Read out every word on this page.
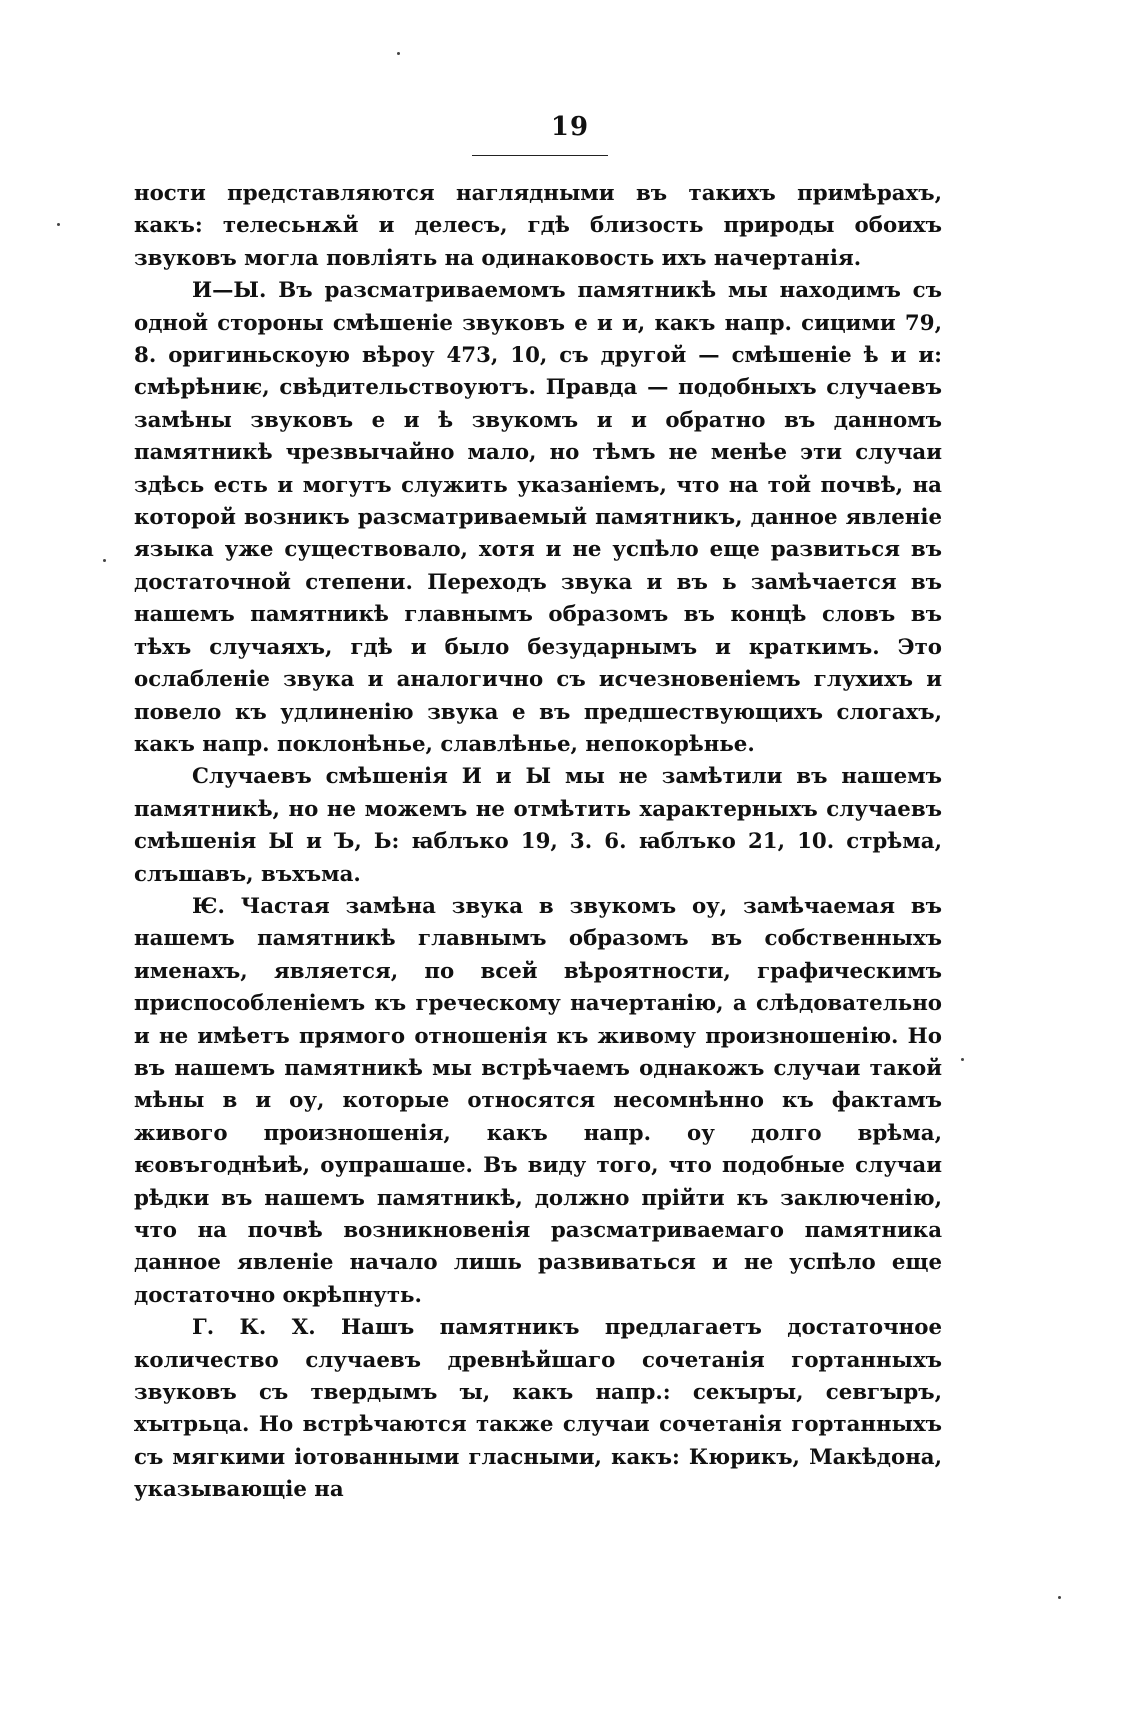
19

ности представляются наглядными въ такихъ примѣрахъ, какъ: телесьнѫй и делесъ, гдѣ близость природы обоихъ звуковъ могла повліять на одинаковость ихъ начертанія.

И—Ы. Въ разсматриваемомъ памятникѣ мы находимъ съ одной стороны смѣшеніе звуковъ е и и, какъ напр. сицими 79, 8. оригиньскоую вѣроу 473, 10, съ другой — смѣшеніе ѣ и и: смѣрѣниѥ, свѣдительствоуютъ. Правда — подобныхъ случаевъ замѣны звуковъ е и ѣ звукомъ и и обратно въ данномъ памятникѣ чрезвычайно мало, но тѣмъ не менѣе эти случаи здѣсь есть и могутъ служить указаніемъ, что на той почвѣ, на которой возникъ разсматриваемый памятникъ, данное явленіе языка уже существовало, хотя и не успѣло еще развиться въ достаточной степени. Переходъ звука и въ ь замѣчается въ нашемъ памятникѣ главнымъ образомъ въ концѣ словъ въ тѣхъ случаяхъ, гдѣ и было безударнымъ и краткимъ. Это ослабленіе звука и аналогично съ исчезновеніемъ глухихъ и повело къ удлиненію звука е въ предшествующихъ слогахъ, какъ напр. поклонѣнье, славлѣнье, непокорѣнье.

Случаевъ смѣшенія И и Ы мы не замѣтили въ нашемъ памятникѣ, но не можемъ не отмѣтить характерныхъ случаевъ смѣшенія Ы и Ъ, Ь: ꙗблъко 19, 3. 6. ꙗблъко 21, 10. стрѣма, слъшавъ, въхъма.

Ѥ. Частая замѣна звука в звукомъ оу, замѣчаемая въ нашемъ памятникѣ главнымъ образомъ въ собственныхъ именахъ, является, по всей вѣроятности, графическимъ приспособленіемъ къ греческому начертанію, а слѣдовательно и не имѣетъ прямого отношенія къ живому произношенію. Но въ нашемъ памятникѣ мы встрѣчаемъ однакожъ случаи такой мѣны в и оу, которые относятся несомнѣнно къ фактамъ живого произношенія, какъ напр. оу долго врѣма, ѥовъгоднѣиѣ, оупрашаше. Въ виду того, что подобные случаи рѣдки въ нашемъ памятникѣ, должно прійти къ заключенію, что на почвѣ возникновенія разсматриваемаго памятника данное явленіе начало лишь развиваться и не успѣло еще достаточно окрѣпнуть.

Г. К. Х. Нашъ памятникъ предлагаетъ достаточное количество случаевъ древнѣйшаго сочетанія гортанныхъ звуковъ съ твердымъ ꙑ, какъ напр.: секꙑрꙑ, севгꙑръ, хꙑтрьца. Но встрѣчаются также случаи сочетанія гортанныхъ съ мягкими іотованными гласными, какъ: Кюрикъ, Макѣдона, указывающіе на
